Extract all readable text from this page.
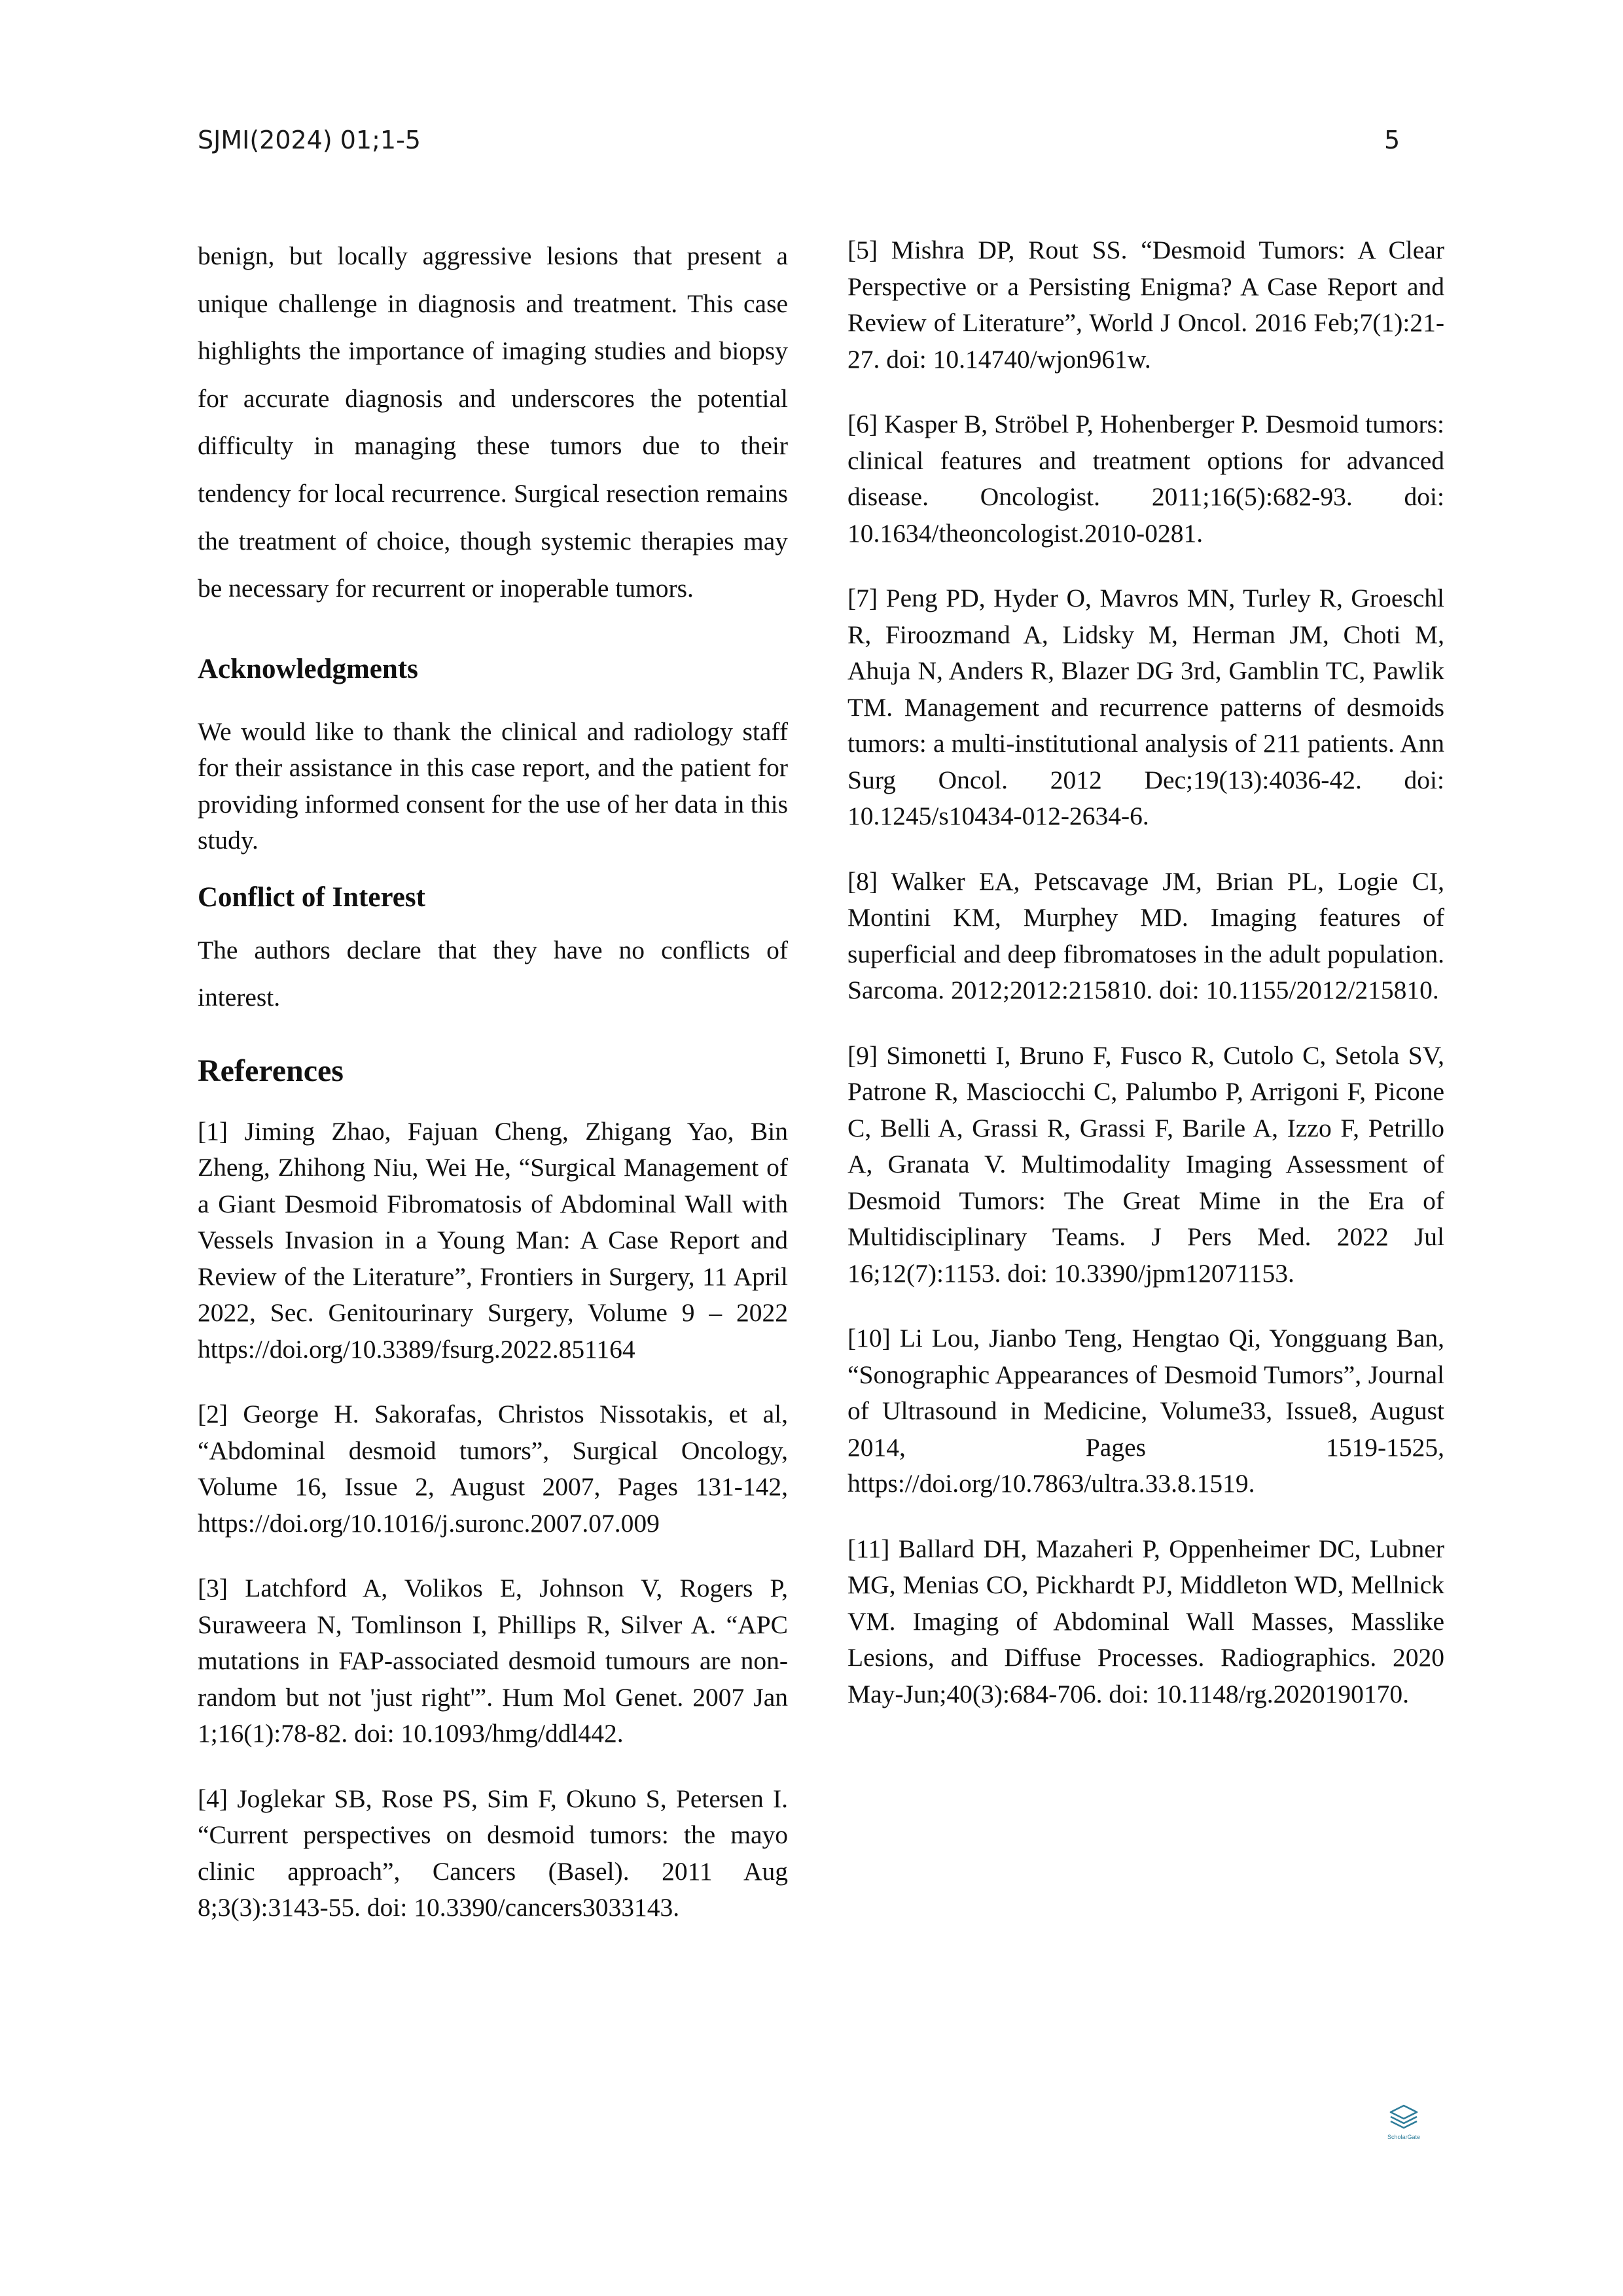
SJMI(2024) 01;1-5	5

benign, but locally aggressive lesions that present a unique challenge in diagnosis and treatment. This case highlights the importance of imaging studies and biopsy for accurate diagnosis and underscores the potential difficulty in managing these tumors due to their tendency for local recurrence. Surgical resection remains the treatment of choice, though systemic therapies may be necessary for recurrent or inoperable tumors.

Acknowledgments

We would like to thank the clinical and radiology staff for their assistance in this case report, and the patient for providing informed consent for the use of her data in this study.

Conflict of Interest

The authors declare that they have no conflicts of interest.

References

[1] Jiming Zhao, Fajuan Cheng, Zhigang Yao, Bin Zheng, Zhihong Niu, Wei He, “Surgical Management of a Giant Desmoid Fibromatosis of Abdominal Wall with Vessels Invasion in a Young Man: A Case Report and Review of the Literature”, Frontiers in Surgery, 11 April 2022, Sec. Genitourinary Surgery, Volume 9 – 2022 https://doi.org/10.3389/fsurg.2022.851164

[2] George H. Sakorafas, Christos Nissotakis, et al, “Abdominal desmoid tumors”, Surgical Oncology, Volume 16, Issue 2, August 2007, Pages 131-142, https://doi.org/10.1016/j.suronc.2007.07.009

[3] Latchford A, Volikos E, Johnson V, Rogers P, Suraweera N, Tomlinson I, Phillips R, Silver A. “APC mutations in FAP-associated desmoid tumours are non-random but not 'just right'”. Hum Mol Genet. 2007 Jan 1;16(1):78-82. doi: 10.1093/hmg/ddl442.

[4] Joglekar SB, Rose PS, Sim F, Okuno S, Petersen I. “Current perspectives on desmoid tumors: the mayo clinic approach”, Cancers (Basel). 2011 Aug 8;3(3):3143-55. doi: 10.3390/cancers3033143.

[5] Mishra DP, Rout SS. “Desmoid Tumors: A Clear Perspective or a Persisting Enigma? A Case Report and Review of Literature”, World J Oncol. 2016 Feb;7(1):21-27. doi: 10.14740/wjon961w.

[6] Kasper B, Ströbel P, Hohenberger P. Desmoid tumors: clinical features and treatment options for advanced disease. Oncologist. 2011;16(5):682-93. doi: 10.1634/theoncologist.2010-0281.

[7] Peng PD, Hyder O, Mavros MN, Turley R, Groeschl R, Firoozmand A, Lidsky M, Herman JM, Choti M, Ahuja N, Anders R, Blazer DG 3rd, Gamblin TC, Pawlik TM. Management and recurrence patterns of desmoids tumors: a multi-institutional analysis of 211 patients. Ann Surg Oncol. 2012 Dec;19(13):4036-42. doi: 10.1245/s10434-012-2634-6.

[8] Walker EA, Petscavage JM, Brian PL, Logie CI, Montini KM, Murphey MD. Imaging features of superficial and deep fibromatoses in the adult population. Sarcoma. 2012;2012:215810. doi: 10.1155/2012/215810.

[9] Simonetti I, Bruno F, Fusco R, Cutolo C, Setola SV, Patrone R, Masciocchi C, Palumbo P, Arrigoni F, Picone C, Belli A, Grassi R, Grassi F, Barile A, Izzo F, Petrillo A, Granata V. Multimodality Imaging Assessment of Desmoid Tumors: The Great Mime in the Era of Multidisciplinary Teams. J Pers Med. 2022 Jul 16;12(7):1153. doi: 10.3390/jpm12071153.

[10] Li Lou, Jianbo Teng, Hengtao Qi, Yongguang Ban, “Sonographic Appearances of Desmoid Tumors”, Journal of Ultrasound in Medicine, Volume33, Issue8, August 2014, Pages 1519-1525, https://doi.org/10.7863/ultra.33.8.1519.

[11] Ballard DH, Mazaheri P, Oppenheimer DC, Lubner MG, Menias CO, Pickhardt PJ, Middleton WD, Mellnick VM. Imaging of Abdominal Wall Masses, Masslike Lesions, and Diffuse Processes. Radiographics. 2020 May-Jun;40(3):684-706. doi: 10.1148/rg.2020190170.

ScholarGate
